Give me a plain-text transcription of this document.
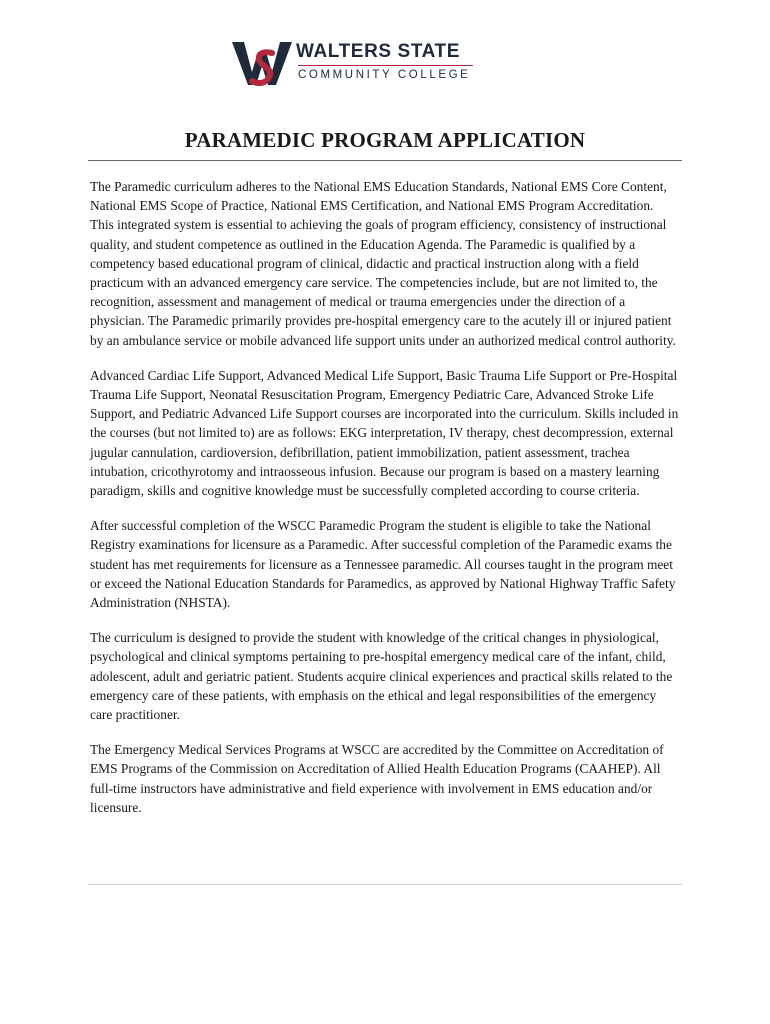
WALTERS STATE
COMMUNITY COLLEGE
PARAMEDIC PROGRAM APPLICATION

The Paramedic curriculum adheres to the National EMS Education Standards, National EMS Core Content, National EMS Scope of Practice, National EMS Certification, and National EMS Program Accreditation. This integrated system is essential to achieving the goals of program efficiency, consistency of instructional quality, and student competence as outlined in the Education Agenda. The Paramedic is qualified by a competency based educational program of clinical, didactic and practical instruction along with a field practicum with an advanced emergency care service. The competencies include, but are not limited to, the recognition, assessment and management of medical or trauma emergencies under the direction of a physician. The Paramedic primarily provides pre-hospital emergency care to the acutely ill or injured patient by an ambulance service or mobile advanced life support units under an authorized medical control authority.

Advanced Cardiac Life Support, Advanced Medical Life Support, Basic Trauma Life Support or Pre-Hospital Trauma Life Support, Neonatal Resuscitation Program, Emergency Pediatric Care, Advanced Stroke Life Support, and Pediatric Advanced Life Support courses are incorporated into the curriculum. Skills included in the courses (but not limited to) are as follows: EKG interpretation, IV therapy, chest decompression, external jugular cannulation, cardioversion, defibrillation, patient immobilization, patient assessment, trachea intubation, cricothyrotomy and intraosseous infusion. Because our program is based on a mastery learning paradigm, skills and cognitive knowledge must be successfully completed according to course criteria.

After successful completion of the WSCC Paramedic Program the student is eligible to take the National Registry examinations for licensure as a Paramedic. After successful completion of the Paramedic exams the student has met requirements for licensure as a Tennessee paramedic. All courses taught in the program meet or exceed the National Education Standards for Paramedics, as approved by National Highway Traffic Safety Administration (NHSTA).

The curriculum is designed to provide the student with knowledge of the critical changes in physiological, psychological and clinical symptoms pertaining to pre-hospital emergency medical care of the infant, child, adolescent, adult and geriatric patient. Students acquire clinical experiences and practical skills related to the emergency care of these patients, with emphasis on the ethical and legal responsibilities of the emergency care practitioner.

The Emergency Medical Services Programs at WSCC are accredited by the Committee on Accreditation of EMS Programs of the Commission on Accreditation of Allied Health Education Programs (CAAHEP). All full-time instructors have administrative and field experience with involvement in EMS education and/or licensure.
